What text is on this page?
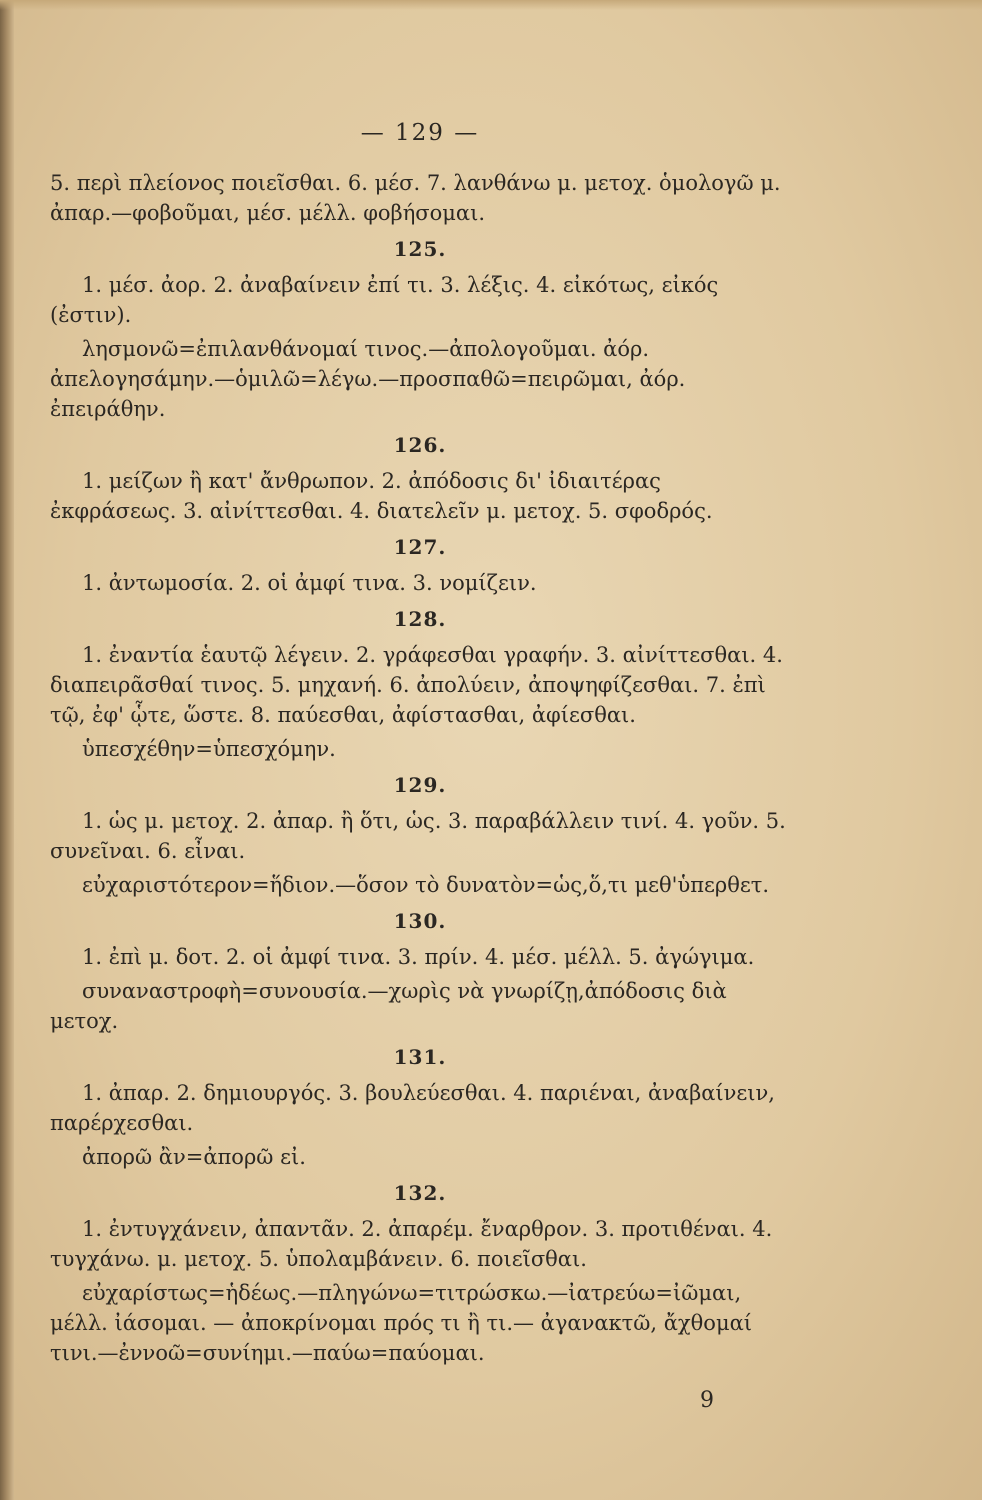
— 129 —

5. περὶ πλείονος ποιεῖσθαι. 6. μέσ. 7. λανθάνω μ. μετοχ. ὁμολογῶ μ. ἀπαρ.—φοβοῦμαι, μέσ. μέλλ. φοβήσομαι.

125.

1. μέσ. ἀορ. 2. ἀναβαίνειν ἐπί τι. 3. λέξις. 4. εἰκότως, εἰκός (ἐστιν).

λησμονῶ=ἐπιλανθάνομαί τινος.—ἀπολογοῦμαι. ἀόρ. ἀπελογησάμην.—ὁμιλῶ=λέγω.—προσπαθῶ=πειρῶμαι, ἀόρ. ἐπειράθην.

126.

1. μείζων ἢ κατ' ἄνθρωπον. 2. ἀπόδοσις δι' ἰδιαιτέρας ἐκφράσεως. 3. αἰνίττεσθαι. 4. διατελεῖν μ. μετοχ. 5. σφοδρός.

127.

1. ἀντωμοσία. 2. οἱ ἀμφί τινα. 3. νομίζειν.

128.

1. ἐναντία ἑαυτῷ λέγειν. 2. γράφεσθαι γραφήν. 3. αἰνίττεσθαι. 4. διαπειρᾶσθαί τινος. 5. μηχανή. 6. ἀπολύειν, ἀποψηφίζεσθαι. 7. ἐπὶ τῷ, ἐφ' ᾧτε, ὥστε. 8. παύεσθαι, ἀφίστασθαι, ἀφίεσθαι.

ὑπεσχέθην=ὑπεσχόμην.

129.

1. ὡς μ. μετοχ. 2. ἀπαρ. ἢ ὅτι, ὡς. 3. παραβάλλειν τινί. 4. γοῦν. 5. συνεῖναι. 6. εἶναι.

εὐχαριστότερον=ἥδιον.—ὅσον τὸ δυνατὸν=ὡς,ὅ,τι μεθ'ὑπερθετ.

130.

1. ἐπὶ μ. δοτ. 2. οἱ ἀμφί τινα. 3. πρίν. 4. μέσ. μέλλ. 5. ἀγώγιμα.

συναναστροφὴ=συνουσία.—χωρὶς νὰ γνωρίζῃ,ἀπόδοσις διὰ μετοχ.

131.

1. ἀπαρ. 2. δημιουργός. 3. βουλεύεσθαι. 4. παριέναι, ἀναβαίνειν, παρέρχεσθαι.

ἀπορῶ ἂν=ἀπορῶ εἰ.

132.

1. ἐντυγχάνειν, ἀπαντᾶν. 2. ἀπαρέμ. ἔναρθρον. 3. προτιθέναι. 4. τυγχάνω. μ. μετοχ. 5. ὑπολαμβάνειν. 6. ποιεῖσθαι.

εὐχαρίστως=ἡδέως.—πληγώνω=τιτρώσκω.—ἰατρεύω=ἰῶμαι, μέλλ. ἰάσομαι. — ἀποκρίνομαι πρός τι ἢ τι.— ἀγανακτῶ, ἄχθομαί τινι.—ἐννοῶ=συνίημι.—παύω=παύομαι.

9
